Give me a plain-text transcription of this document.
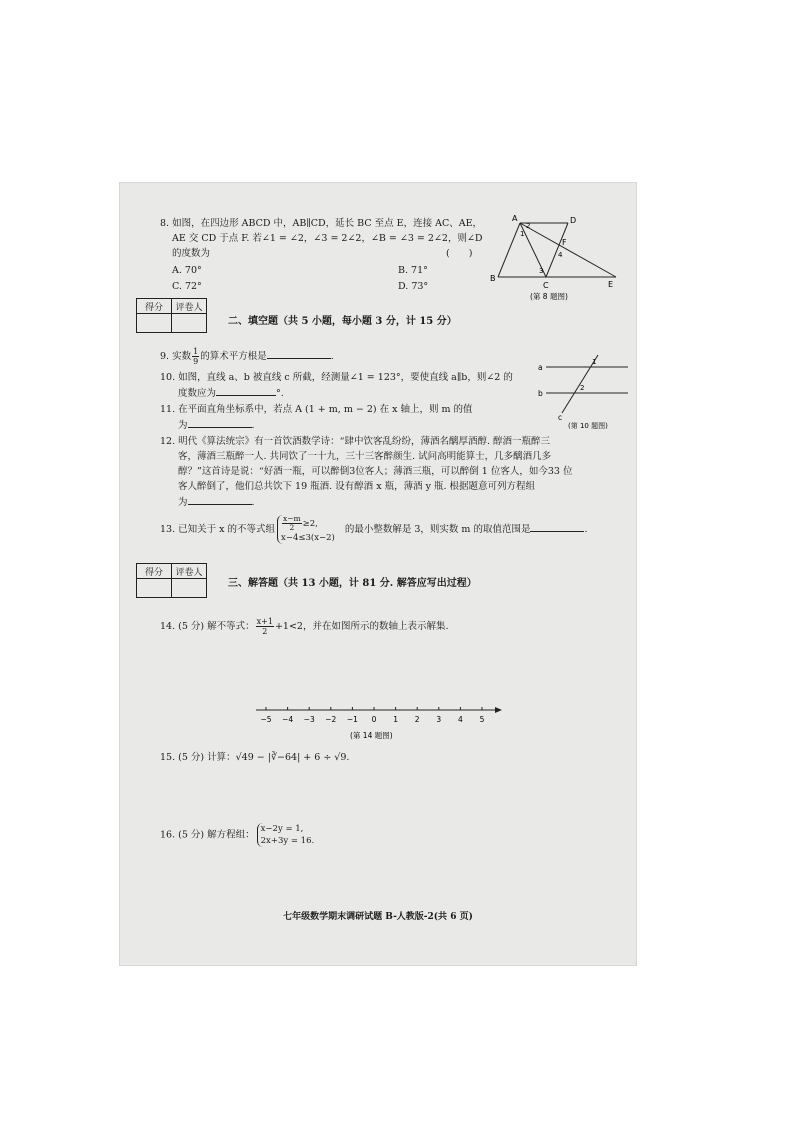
8. 如图，在四边形 ABCD 中，AB∥CD，延长 BC 至点 E，连接 AC、AE，
AE 交 CD 于点 F. 若∠1 = ∠2，∠3 = 2∠2，∠B = ∠3 = 2∠2，则∠D
的度数为	(　　)
A. 70°	B. 71°
C. 72°	D. 73°
A	D
B
C	E
F
2
1
3
4
(第 8 题图)
得分	评卷人

二、填空题（共 5 小题，每小题 3 分，计 15 分）
9. 实数 $\frac{1}{9}$ 的算术平方根是	.
10. 如图，直线 a、b 被直线 c 所截，经测量∠1 = 123°，要使直线 a∥b，则∠2 的
度数应为	°.
a
b
c
1
2
(第 10 题图)
11. 在平面直角坐标系中，若点 A (1 + m, m − 2) 在 x 轴上，则 m 的值
为	.
12. 明代《算法统宗》有一首饮酒数学诗：“肆中饮客乱纷纷，薄酒名醨厚酒醇. 醇酒一瓶醉三
客，薄酒三瓶醉一人. 共同饮了一十九，三十三客醉颜生. 试问高明能算士，几多醨酒几多
醇？”这首诗是说：“好酒一瓶，可以醉倒3位客人；薄酒三瓶，可以醉倒 1 位客人，如今33 位
客人醉倒了，他们总共饮下 19 瓶酒. 设有醇酒 x 瓶，薄酒 y 瓶. 根据题意可列方程组
为	.
13. 已知关于 x 的不等式组 $\frac{x-m}{2} \ge 2$,
x−4≤3(x−2)
的最小整数解是 3，则实数 m 的取值范围是	.
得分	评卷人

三、解答题（共 13 小题，计 81 分. 解答应写出过程）
14. (5 分) 解不等式： $\frac{x+1}{2} +1<2$，并在如图所示的数轴上表示解集.
−5 −4 −3 −2 −1 0 1 2 3 4 5
(第 14 题图)
15. (5 分) 计算：√49 − |∛−64| + 6 ÷ √9.
16. (5 分) 解方程组：
x−2y = 1,
2x+3y = 16.
七年级数学期末调研试题 B-人教版-2(共 6 页)
